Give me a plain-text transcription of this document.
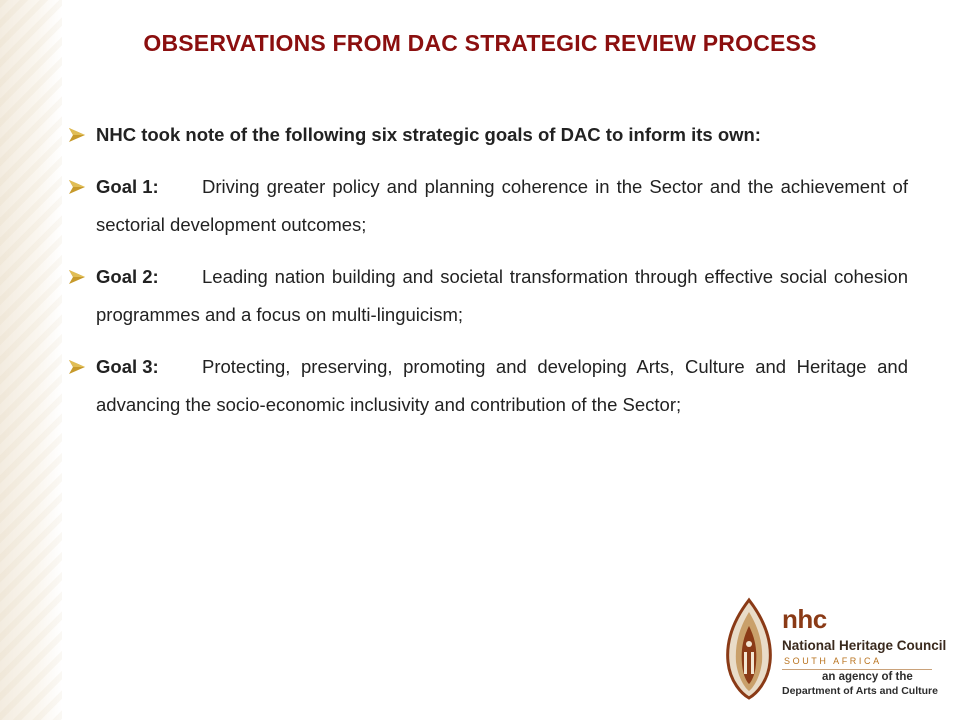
OBSERVATIONS FROM DAC STRATEGIC REVIEW PROCESS
NHC took note of the following six strategic goals of DAC to inform its own:
Goal 1: Driving greater policy and planning coherence in the Sector and the achievement of sectorial development outcomes;
Goal 2: Leading nation building and societal transformation through effective social cohesion programmes and a focus on multi-linguicism;
Goal 3: Protecting, preserving, promoting and developing Arts, Culture and Heritage and advancing the socio-economic inclusivity and contribution of the Sector;
nhc
National Heritage Council
SOUTH AFRICA
an agency of the
Department of Arts and Culture
